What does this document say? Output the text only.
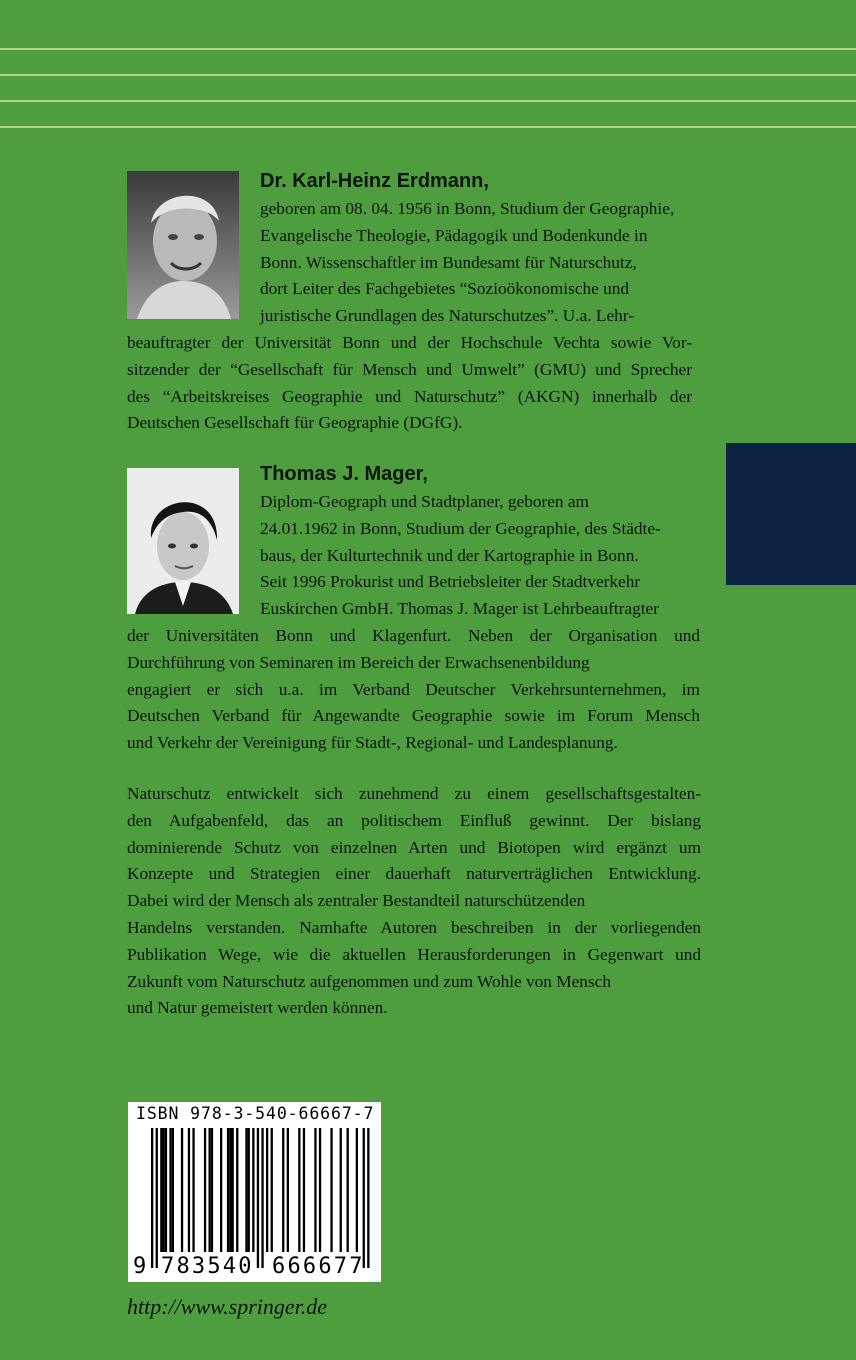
Dr. Karl-Heinz Erdmann,
geboren am 08. 04. 1956 in Bonn, Studium der Geographie,
Evangelische Theologie, Pädagogik und Bodenkunde in
Bonn. Wissenschaftler im Bundesamt für Naturschutz,
dort Leiter des Fachgebietes “Sozioökonomische und
juristische Grundlagen des Naturschutzes”. U.a. Lehr-
beauftragter der Universität Bonn und der Hochschule Vechta sowie Vor-
sitzender der “Gesellschaft für Mensch und Umwelt” (GMU) und Sprecher
des “Arbeitskreises Geographie und Naturschutz” (AKGN) innerhalb der
Deutschen Gesellschaft für Geographie (DGfG).
Thomas J. Mager,
Diplom-Geograph und Stadtplaner, geboren am
24.01.1962 in Bonn, Studium der Geographie, des Städte-
baus, der Kulturtechnik und der Kartographie in Bonn.
Seit 1996 Prokurist und Betriebsleiter der Stadtverkehr
Euskirchen GmbH. Thomas J. Mager ist Lehrbeauftragter
der Universitäten Bonn und Klagenfurt. Neben der Organisation und
Durchführung von Seminaren im Bereich der Erwachsenenbildung
engagiert er sich u.a. im Verband Deutscher Verkehrsunternehmen, im
Deutschen Verband für Angewandte Geographie sowie im Forum Mensch
und Verkehr der Vereinigung für Stadt-, Regional- und Landesplanung.
Naturschutz entwickelt sich zunehmend zu einem gesellschaftsgestalten-
den Aufgabenfeld, das an politischem Einfluß gewinnt. Der bislang
dominierende Schutz von einzelnen Arten und Biotopen wird ergänzt um
Konzepte und Strategien einer dauerhaft naturverträglichen Entwicklung.
Dabei wird der Mensch als zentraler Bestandteil naturschützenden
Handelns verstanden. Namhafte Autoren beschreiben in der vorliegenden
Publikation Wege, wie die aktuellen Herausforderungen in Gegenwart und
Zukunft vom Naturschutz aufgenommen und zum Wohle von Mensch
und Natur gemeistert werden können.
ISBN 978-3-540-66667-7
9 783540 666677
http://www.springer.de
